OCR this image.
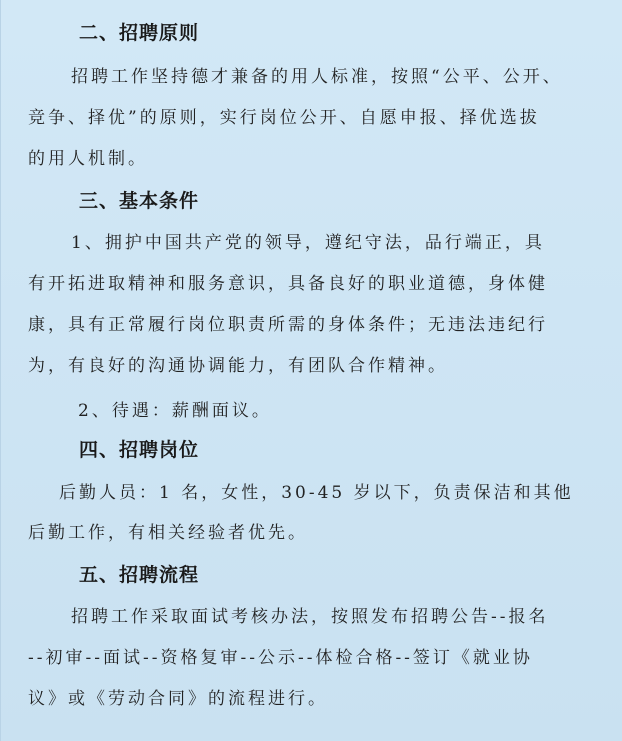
二、招聘原则
招聘工作坚持德才兼备的用人标准，按照“公平、公开、
竞争、择优”的原则，实行岗位公开、自愿申报、择优选拔
的用人机制。
三、基本条件
1、拥护中国共产党的领导，遵纪守法，品行端正，具
有开拓进取精神和服务意识，具备良好的职业道德，身体健
康，具有正常履行岗位职责所需的身体条件；无违法违纪行
为，有良好的沟通协调能力，有团队合作精神。
2、待遇：薪酬面议。
四、招聘岗位
后勤人员：1 名，女性，30-45 岁以下，负责保洁和其他
后勤工作，有相关经验者优先。
五、招聘流程
招聘工作采取面试考核办法，按照发布招聘公告--报名
--初审--面试--资格复审--公示--体检合格--签订《就业协
议》或《劳动合同》的流程进行。
